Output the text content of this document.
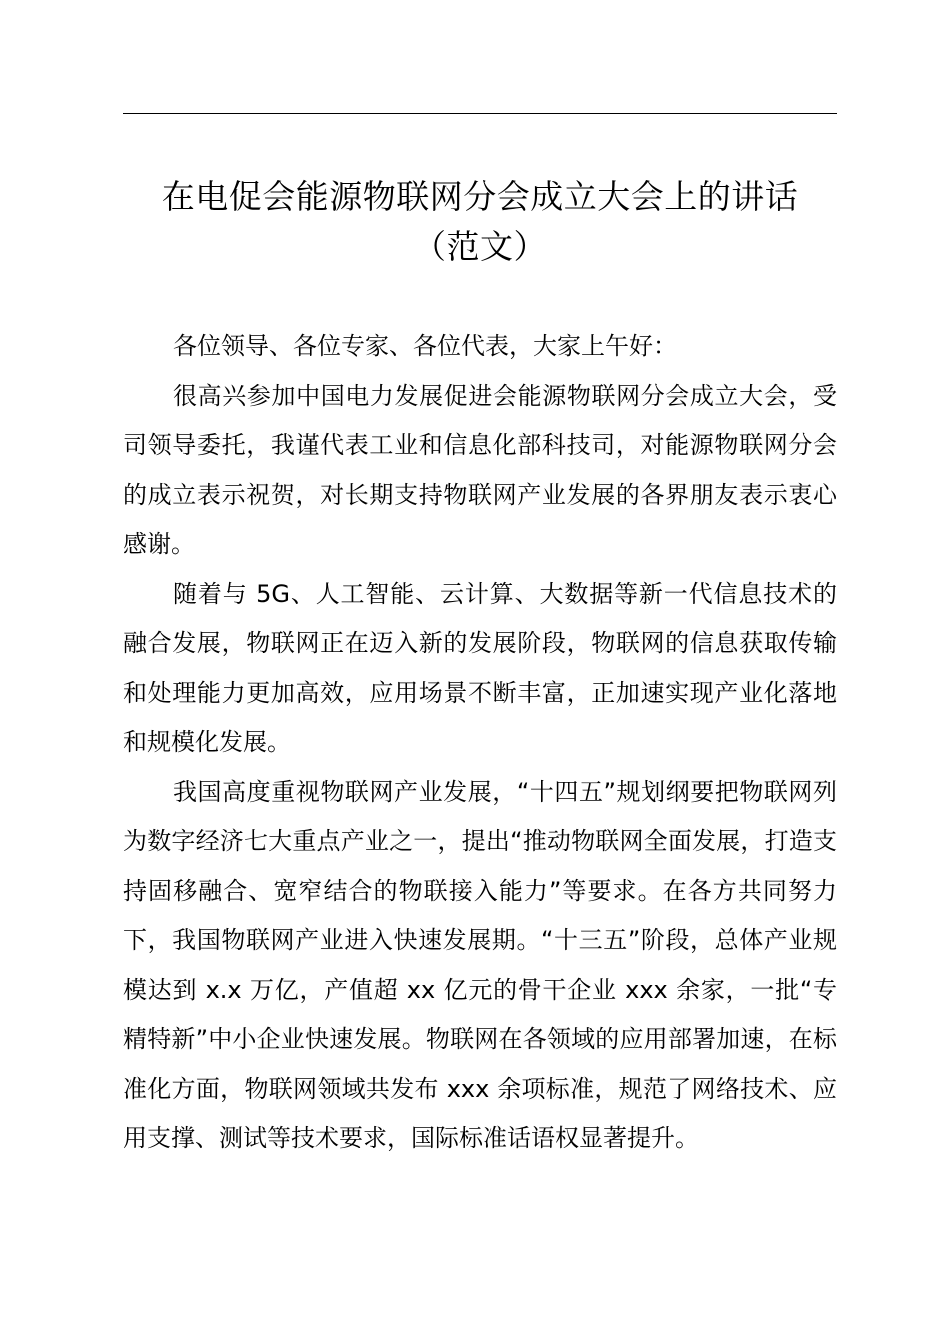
在电促会能源物联网分会成立大会上的讲话
（范文）

各位领导、各位专家、各位代表，大家上午好：

很高兴参加中国电力发展促进会能源物联网分会成立大会，受司领导委托，我谨代表工业和信息化部科技司，对能源物联网分会的成立表示祝贺，对长期支持物联网产业发展的各界朋友表示衷心感谢。

随着与 5G、人工智能、云计算、大数据等新一代信息技术的融合发展，物联网正在迈入新的发展阶段，物联网的信息获取传输和处理能力更加高效，应用场景不断丰富，正加速实现产业化落地和规模化发展。

我国高度重视物联网产业发展，“十四五”规划纲要把物联网列为数字经济七大重点产业之一，提出“推动物联网全面发展，打造支持固移融合、宽窄结合的物联接入能力”等要求。在各方共同努力下，我国物联网产业进入快速发展期。“十三五”阶段，总体产业规模达到 x.x 万亿，产值超 xx 亿元的骨干企业 xxx 余家，一批“专精特新”中小企业快速发展。物联网在各领域的应用部署加速，在标准化方面，物联网领域共发布 xxx 余项标准，规范了网络技术、应用支撑、测试等技术要求，国际标准话语权显著提升。
